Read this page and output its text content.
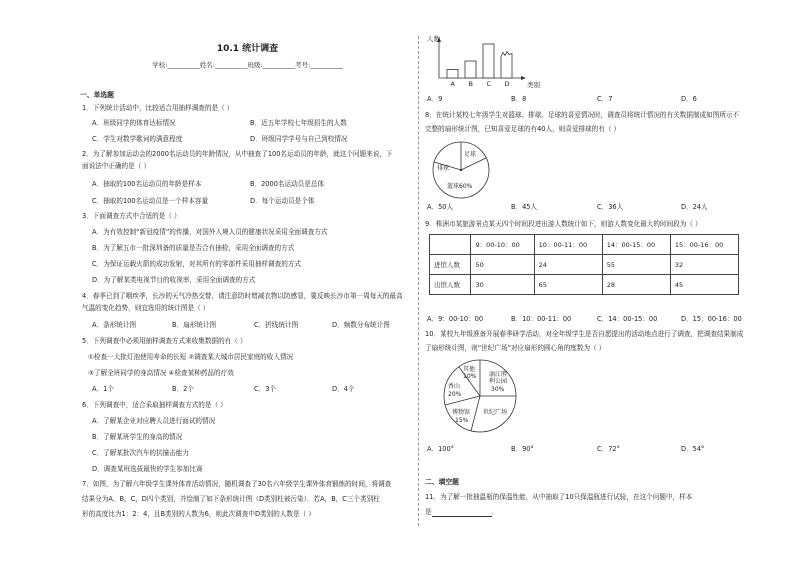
10.1 统计调查
学校:__________姓名:__________班级:__________考号:__________
一、单选题
1．下列统计活动中，比较适合用抽样调查的是（ ）
A．班级同学的体育达标情况	B．近五年学校七年级招生的人数
C．学生对数学歌词的满意程度	D．班级同学学号与自己到校情况
2．为了解参加运动会的2000名运动员的年龄情况，从中抽查了100名运动员的年龄，就这个问题来说，下
面说法中正确的是（ ）
A．抽取的100名运动员的年龄是样本	B．2000名运动员是总体
C．抽取的100名运动员是一个样本容量	D．每个运动员是个体
3．下面调查方式中合适的是（ ）
A．为有效控制“新冠疫情”的传播，对国外入境人员的健康状况采用全面调查方式
B．为了解五市一批深圳备的质量是否合有抽检，采用全面调查的方式
C．为保证运载火箭的成功发射，对其所有的零部件采用抽样调查的方式
D．为了解某类电视节目的收视率，采用全面调查的方式
4．春季已到了咽疾季，长沙的天气冷热交替，请注意防时增减衣物以防感冒，要反映长沙市第一周每天的最高
气温的变化趋势，则宜选用的统计图是（ ）
A．条形统计图	B．扇形统计图	C．折线统计图	D．频数分布统计图
5．下列调查中必须用抽样调查方式来收集数据的有（ ）
①检查一大批灯泡使用寿命的长短 ②调查某大城市居民家庭的收入情况
③了解全班同学的身高情况 ④检查某种药品的疗效
A．1个	B．2个	C．3个	D．4个
6．下列调查中，适合采取抽样调查方式的是（ ）
A．了解某企业对应聘人员进行面试的情况
B．了解某班学生的身高的情况
C．了解某批次汽车的抗撞击能力
D．调查某班选拔最快的学生参加比赛
7．如图，为了解六年级学生课外体育活动情况，随机调查了30名六年级学生课外体育锻炼的时间，将调查
结果分为A，B，C，D四个类别，并绘制了如下条形统计图（D类别柱被污染）．若A，B，C三个类别柱
形的高度比为1：2：4，且B类别的人数为6，则此次调查中D类别的人数是（ ）
人数
类别
A B C D
A．9	B．8	C．7	D．6
8．在统计某校七年级学生对篮球、排球、足球的喜爱情况时，调查员将统计情况的有关数据制成如图所示不
完整的扇形统计图，已知喜爱足球的有40人，则喜爱排球的有（ ）
足球
排球
篮球60%
A．50人	B．45人	C．36人	D．24人
9．株洲市某旅游景点某天四个时间段进出游人数统计如下，则游人数变化最大的时间段为（ ）
	9：00-10：00	10：00-11：00	14：00-15：00	15：00-16：00
进馆人数	50	24	55	32
出馆人数	30	65	28	45
A．9：00-10：00	B．10：00-11：00	C．14：00-15：00	D．15：00-16：00
10．某校九年级准备开展春季研学活动，对全年级学生是否自愿提出的活动地点进行了调查，把调查结果制成
了扇形统计图，则“世纪广场”对应扇形的圆心角的度数为（ ）
其他
10%
香山
20%
博物馆
15%
世纪广场
漓江胜
利公园
30%
A．100°	B．90°	C．72°	D．54°
二、填空题
11．为了解一批抽温瓶的保温性能，从中抽取了10只保温瓶进行试验，在这个问题中，样本
是	．
